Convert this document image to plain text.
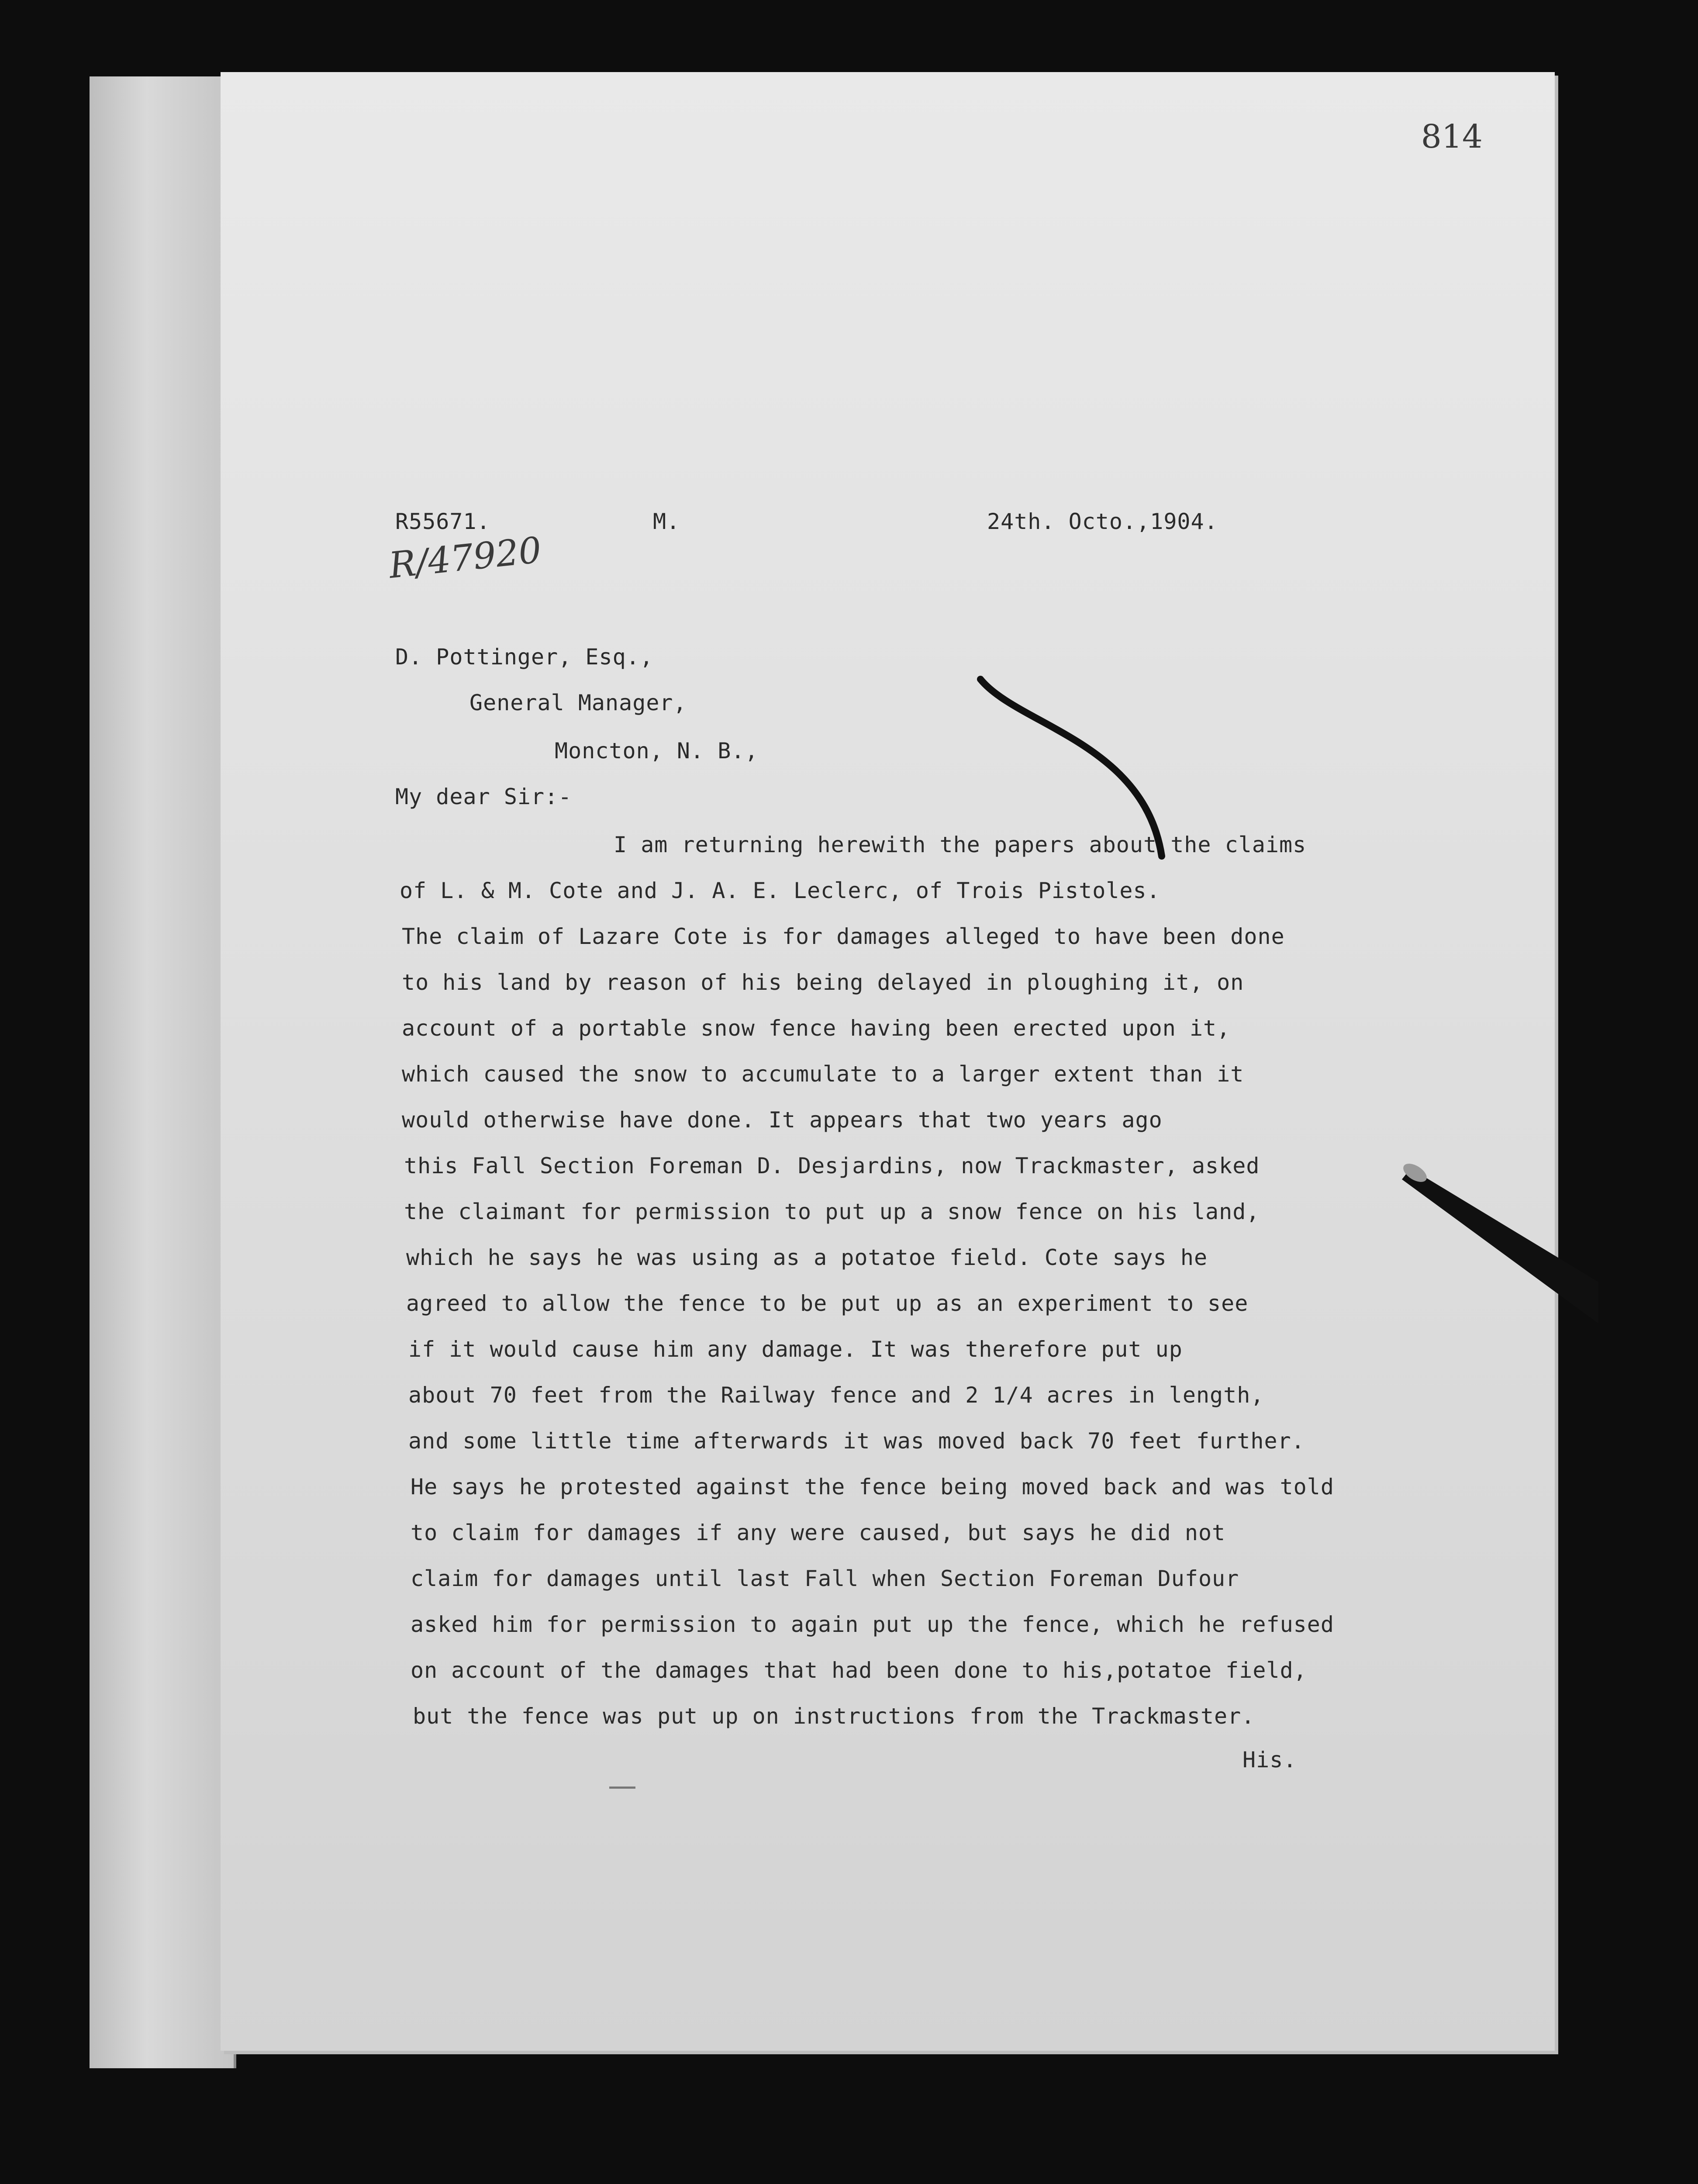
814
R55671.	M.	24th. Octo.,1904.
R/47920
D. Pottinger, Esq.,
General Manager,
Moncton, N. B.,
My dear Sir:-
I am returning herewith the papers about the claims
of L. & M. Cote and J. A. E. Leclerc, of Trois Pistoles.
The claim of Lazare Cote is for damages alleged to have been done
to his land by reason of his being delayed in ploughing it, on
account of a portable snow fence having been erected upon it,
which caused the snow to accumulate to a larger extent than it
would otherwise have done. It appears that two years ago
this Fall Section Foreman D. Desjardins, now Trackmaster, asked
the claimant for permission to put up a snow fence on his land,
which he says he was using as a potatoe field. Cote says he
agreed to allow the fence to be put up as an experiment to see
if it would cause him any damage. It was therefore put up
about 70 feet from the Railway fence and 2 1/4 acres in length,
and some little time afterwards it was moved back 70 feet further.
He says he protested against the fence being moved back and was told
to claim for damages if any were caused, but says he did not
claim for damages until last Fall when Section Foreman Dufour
asked him for permission to again put up the fence, which he refused
on account of the damages that had been done to his,potatoe field,
but the fence was put up on instructions from the Trackmaster.
His.
